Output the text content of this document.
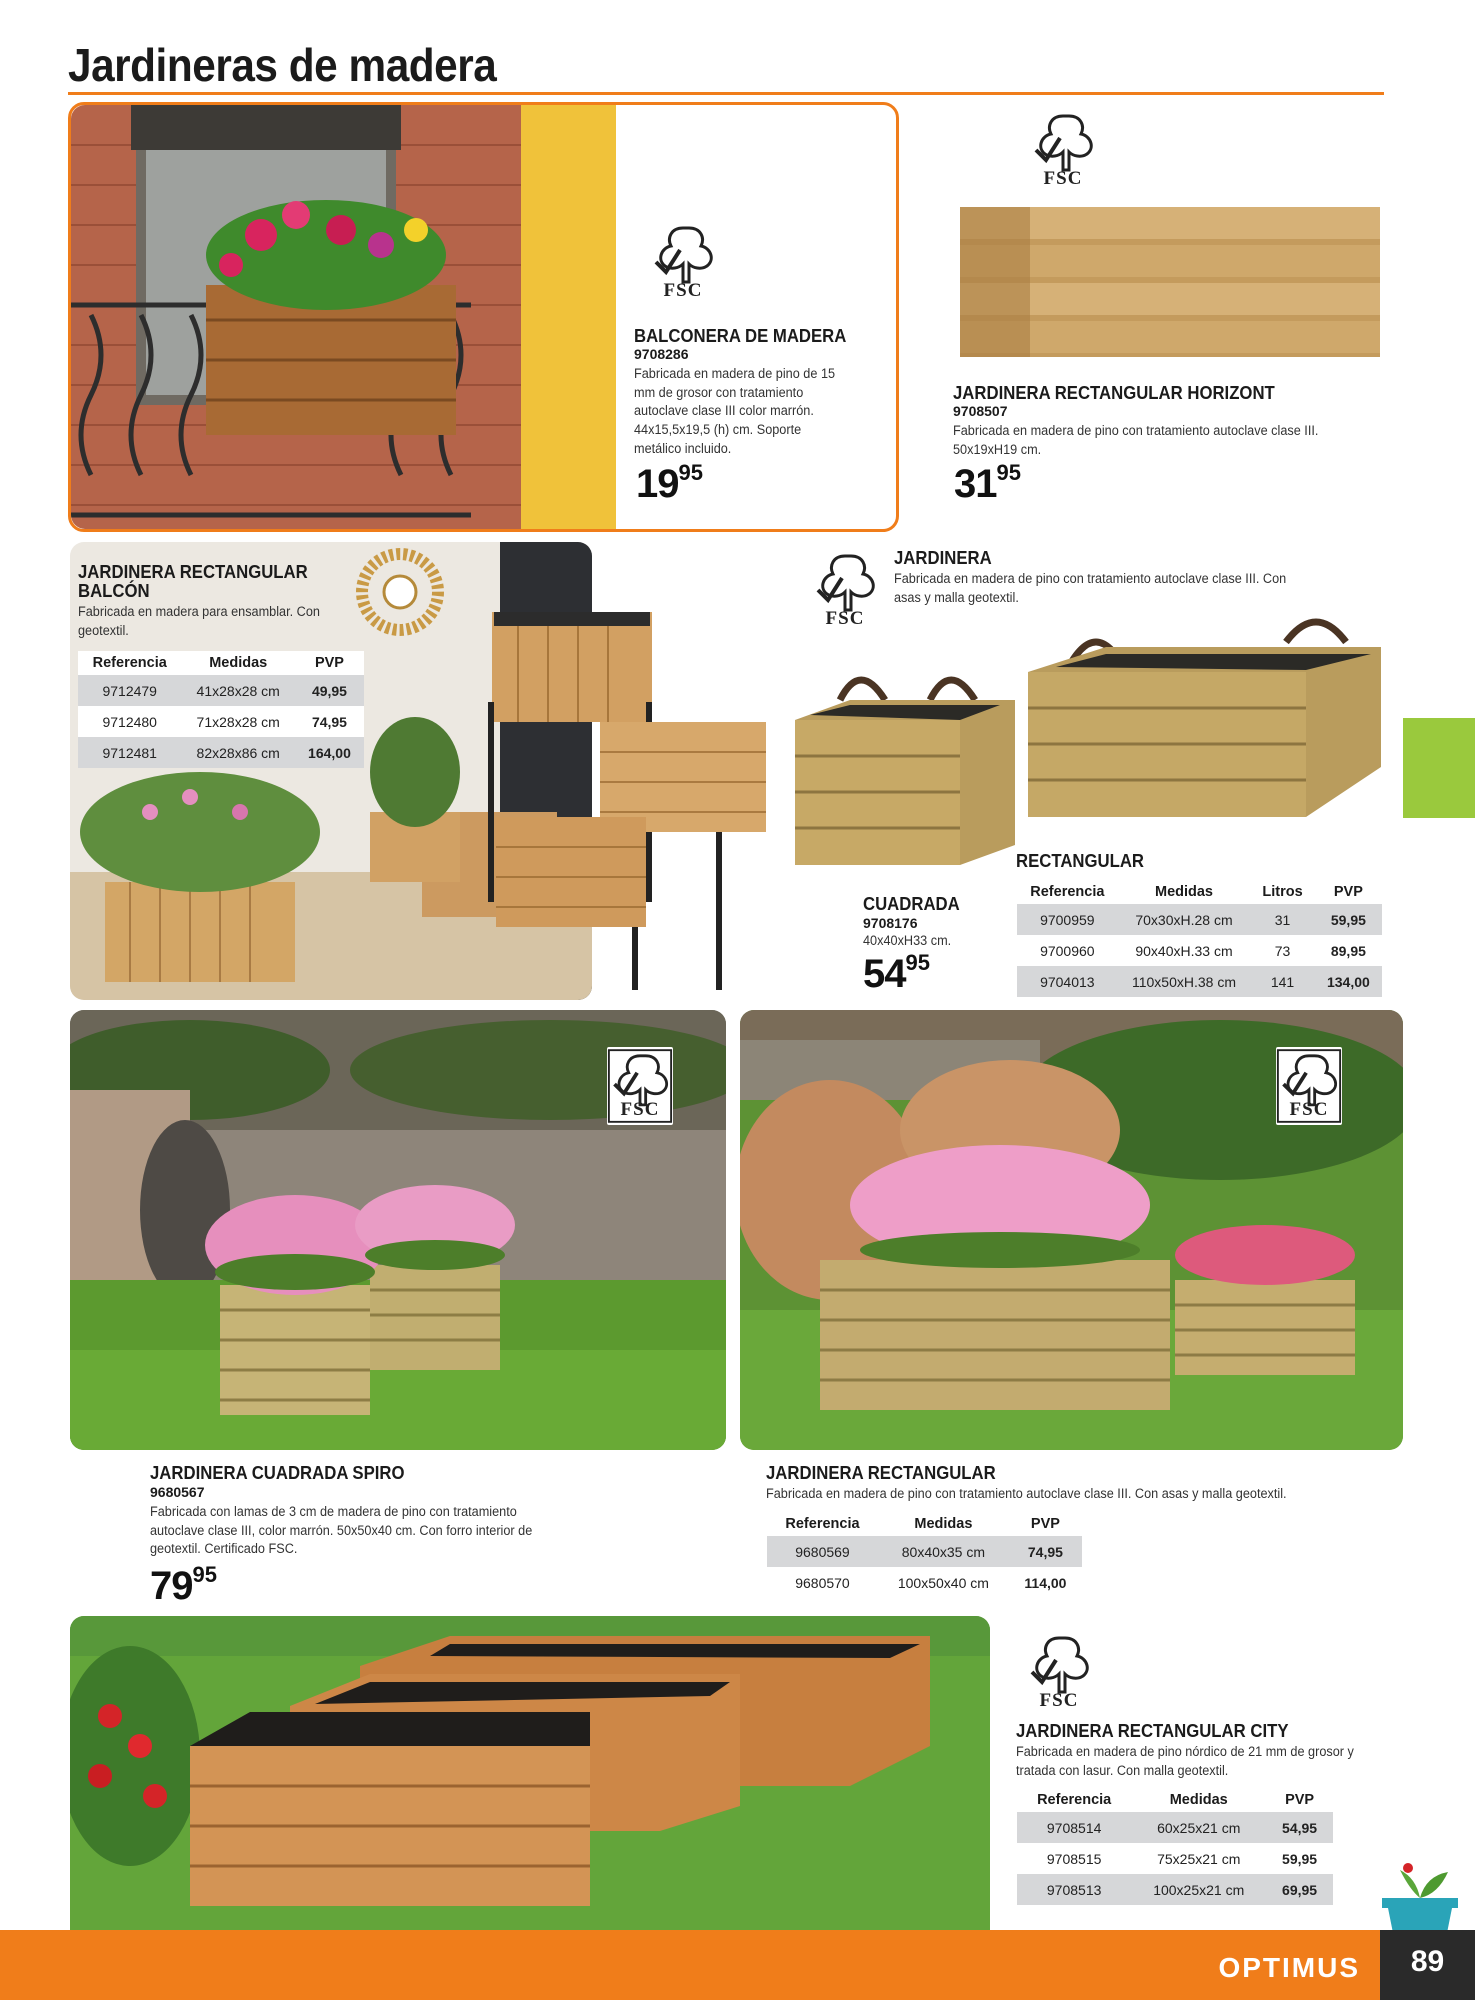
Jardineras de madera
FSC
BALCONERA DE MADERA
9708286
Fabricada en madera de pino de 15 mm de grosor con tratamiento autoclave clase III color marrón. 44x15,5x19,5 (h) cm. Soporte metálico incluido.
1995
FSC
JARDINERA RECTANGULAR HORIZONT
9708507
Fabricada en madera de pino con tratamiento autoclave clase III. 50x19xH19 cm.
3195
JARDINERA RECTANGULAR BALCÓN
Fabricada en madera para ensamblar. Con geotextil.
Referencia	Medidas	PVP
9712479	41x28x28 cm	49,95
9712480	71x28x28 cm	74,95
9712481	82x28x86 cm	164,00
FSC
JARDINERA
Fabricada en madera de pino con tratamiento autoclave clase III. Con asas y malla geotextil.
CUADRADA
9708176
40x40xH33 cm.
5495
RECTANGULAR
Referencia	Medidas	Litros	PVP
9700959	70x30xH.28 cm	31	59,95
9700960	90x40xH.33 cm	73	89,95
9704013	110x50xH.38 cm	141	134,00
FSC
JARDINERA CUADRADA SPIRO
9680567
Fabricada con lamas de 3 cm de madera de pino con tratamiento autoclave clase III, color marrón. 50x50x40 cm. Con forro interior de geotextil. Certificado FSC.
7995
FSC
JARDINERA RECTANGULAR
Fabricada en madera de pino con tratamiento autoclave clase III. Con asas y malla geotextil.
Referencia	Medidas	PVP
9680569	80x40x35 cm	74,95
9680570	100x50x40 cm	114,00
FSC
JARDINERA RECTANGULAR CITY
Fabricada en madera de pino nórdico de 21 mm de grosor y tratada con lasur. Con malla geotextil.
Referencia	Medidas	PVP
9708514	60x25x21 cm	54,95
9708515	75x25x21 cm	59,95
9708513	100x25x21 cm	69,95
OPTIMUS	89
